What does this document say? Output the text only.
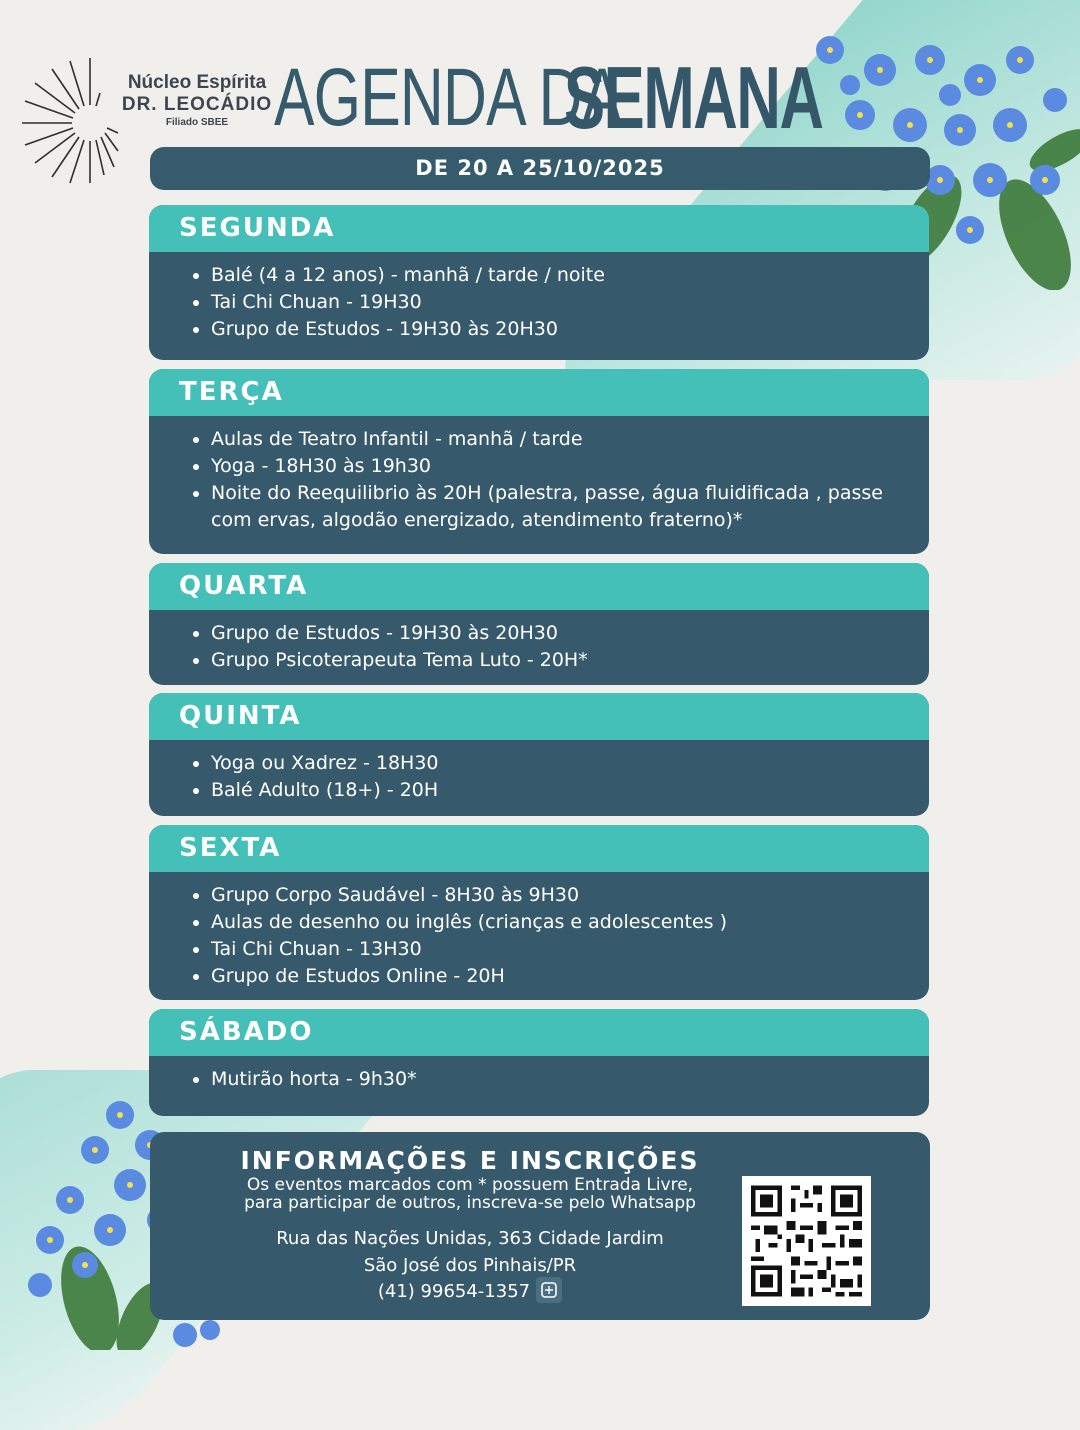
Núcleo Espírita
DR. LEOCÁDIO
Filiado SBEE AGENDA DA
SEMANA
DE 20 A 25/10/2025
SEGUNDA
• Balé (4 a 12 anos) - manhã / tarde / noite
• Tai Chi Chuan - 19H30
• Grupo de Estudos - 19H30 às 20H30
TERÇA
• Aulas de Teatro Infantil - manhã / tarde
• Yoga - 18H30 às 19h30
• Noite do Reequilibrio às 20H (palestra, passe, água fluidificada , passe com ervas, algodão energizado, atendimento fraterno)*
QUARTA
• Grupo de Estudos - 19H30 às 20H30
• Grupo Psicoterapeuta Tema Luto - 20H*
QUINTA
• Yoga ou Xadrez - 18H30
• Balé Adulto (18+) - 20H
SEXTA
• Grupo Corpo Saudável - 8H30 às 9H30
• Aulas de desenho ou inglês (crianças e adolescentes )
• Tai Chi Chuan - 13H30
• Grupo de Estudos Online - 20H
SÁBADO
• Mutirão horta - 9h30*
INFORMAÇÕES E INSCRIÇÕES
Os eventos marcados com * possuem Entrada Livre,
para participar de outros, inscreva-se pelo Whatsapp
Rua das Nações Unidas, 363 Cidade Jardim
São José dos Pinhais/PR
(41) 99654-1357
